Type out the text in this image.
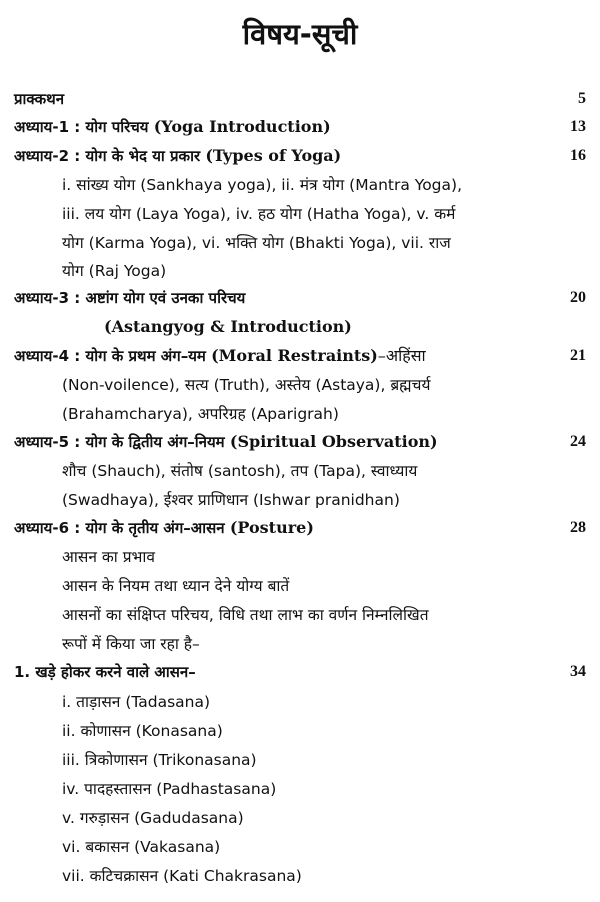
विषय-सूची
प्राक्कथन	5
अध्याय-1 : योग परिचय (Yoga Introduction)	13
अध्याय-2 : योग के भेद या प्रकार (Types of Yoga)	16
i. सांख्य योग (Sankhaya yoga), ii. मंत्र योग (Mantra Yoga),
iii. लय योग (Laya Yoga), iv. हठ योग (Hatha Yoga), v. कर्म
योग (Karma Yoga), vi. भक्ति योग (Bhakti Yoga), vii. राज
योग (Raj Yoga)
अध्याय-3 : अष्टांग योग एवं उनका परिचय	20
(Astangyog & Introduction)
अध्याय-4 : योग के प्रथम अंग–यम (Moral Restraints)–अहिंसा	21
(Non-voilence), सत्य (Truth), अस्तेय (Astaya), ब्रह्मचर्य
(Brahamcharya), अपरिग्रह (Aparigrah)
अध्याय-5 : योग के द्वितीय अंग–नियम (Spiritual Observation)	24
शौच (Shauch), संतोष (santosh), तप (Tapa), स्वाध्याय
(Swadhaya), ईश्वर प्राणिधान (Ishwar pranidhan)
अध्याय-6 : योग के तृतीय अंग–आसन (Posture)	28
आसन का प्रभाव
आसन के नियम तथा ध्यान देने योग्य बातें
आसनों का संक्षिप्त परिचय, विधि तथा लाभ का वर्णन निम्नलिखित
रूपों में किया जा रहा है–
1. खड़े होकर करने वाले आसन–	34
i. ताड़ासन (Tadasana)
ii. कोणासन (Konasana)
iii. त्रिकोणासन (Trikonasana)
iv. पादहस्तासन (Padhastasana)
v. गरुड़ासन (Gadudasana)
vi. बकासन (Vakasana)
vii. कटिचक्रासन (Kati Chakrasana)
